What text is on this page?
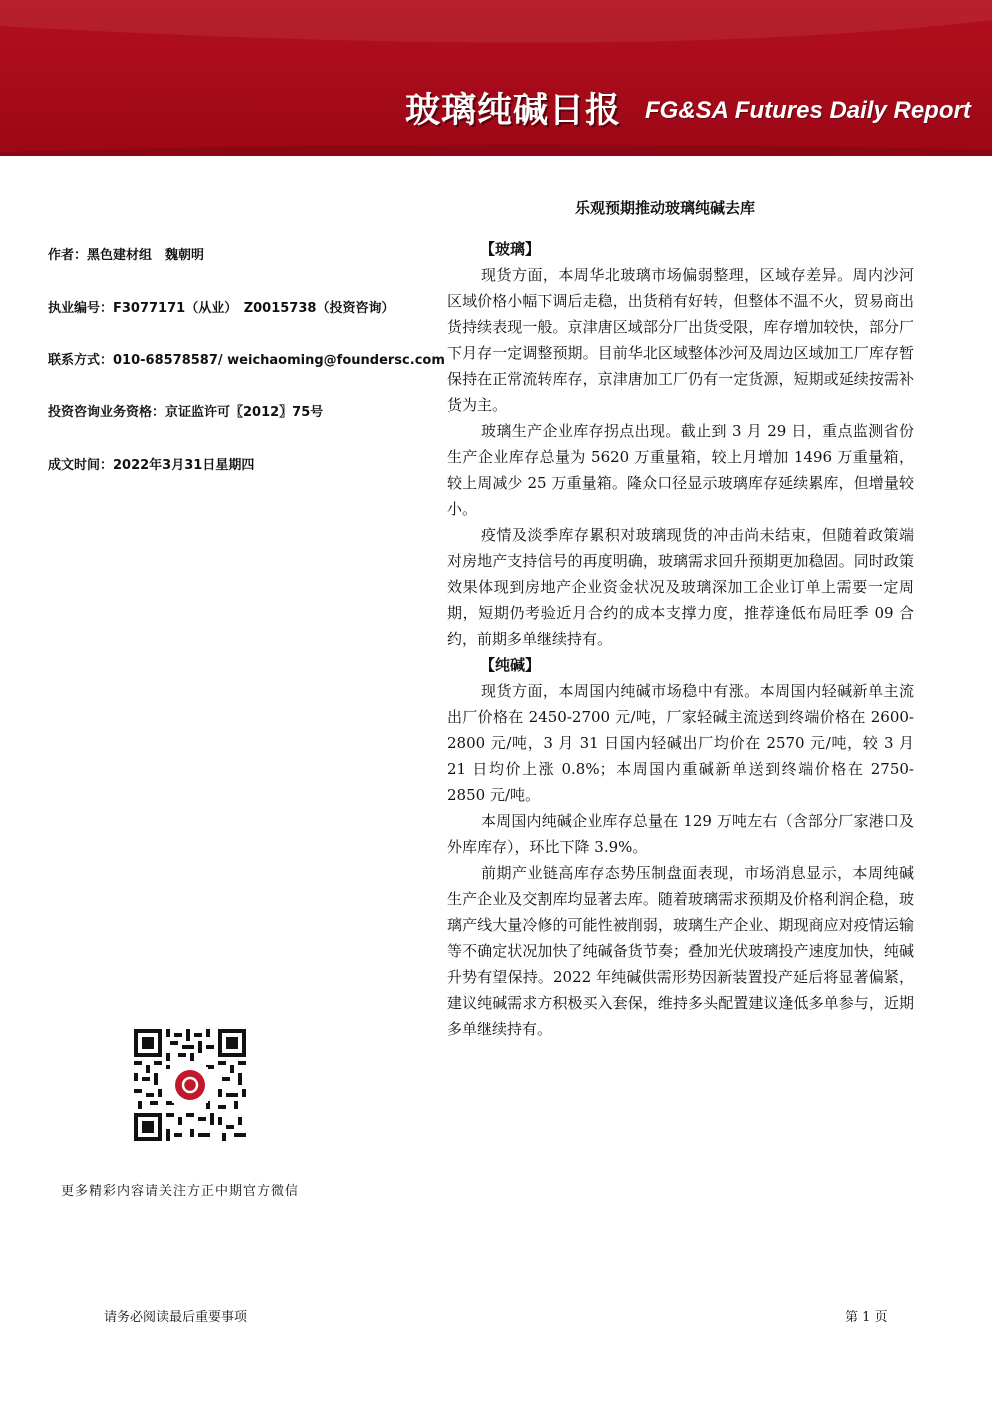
玻璃纯碱日报 FG&SA Futures Daily Report
乐观预期推动玻璃纯碱去库
作者：黑色建材组　魏朝明
执业编号：F3077171（从业）　Z0015738（投资咨询）
联系方式：010-68578587/ weichaoming@foundersc.com
投资咨询业务资格：京证监许可〖2012〗75号
成文时间：2022年3月31日星期四
【玻璃】

现货方面，本周华北玻璃市场偏弱整理，区域存差异。周内沙河区域价格小幅下调后走稳，出货稍有好转，但整体不温不火，贸易商出货持续表现一般。京津唐区域部分厂出货受限，库存增加较快，部分厂下月存一定调整预期。目前华北区域整体沙河及周边区域加工厂库存暂保持在正常流转库存，京津唐加工厂仍有一定货源，短期或延续按需补货为主。

玻璃生产企业库存拐点出现。截止到 3 月 29 日，重点监测省份生产企业库存总量为 5620 万重量箱，较上月增加 1496 万重量箱，较上周减少 25 万重量箱。隆众口径显示玻璃库存延续累库，但增量较小。

疫情及淡季库存累积对玻璃现货的冲击尚未结束，但随着政策端对房地产支持信号的再度明确，玻璃需求回升预期更加稳固。同时政策效果体现到房地产企业资金状况及玻璃深加工企业订单上需要一定周期，短期仍考验近月合约的成本支撑力度，推荐逢低布局旺季 09 合约，前期多单继续持有。

【纯碱】

现货方面，本周国内纯碱市场稳中有涨。本周国内轻碱新单主流出厂价格在 2450-2700 元/吨，厂家轻碱主流送到终端价格在 2600-2800 元/吨，3 月 31 日国内轻碱出厂均价在 2570 元/吨，较 3 月 21 日均价上涨 0.8%；本周国内重碱新单送到终端价格在 2750-2850 元/吨。

本周国内纯碱企业库存总量在 129 万吨左右（含部分厂家港口及外库库存），环比下降 3.9%。

前期产业链高库存态势压制盘面表现，市场消息显示，本周纯碱生产企业及交割库均显著去库。随着玻璃需求预期及价格利润企稳，玻璃产线大量冷修的可能性被削弱，玻璃生产企业、期现商应对疫情运输等不确定状况加快了纯碱备货节奏；叠加光伏玻璃投产速度加快，纯碱升势有望保持。2022 年纯碱供需形势因新装置投产延后将显著偏紧，建议纯碱需求方积极买入套保，维持多头配置建议逢低多单参与，近期多单继续持有。

更多精彩内容请关注方正中期官方微信
请务必阅读最后重要事项	第 1 页
